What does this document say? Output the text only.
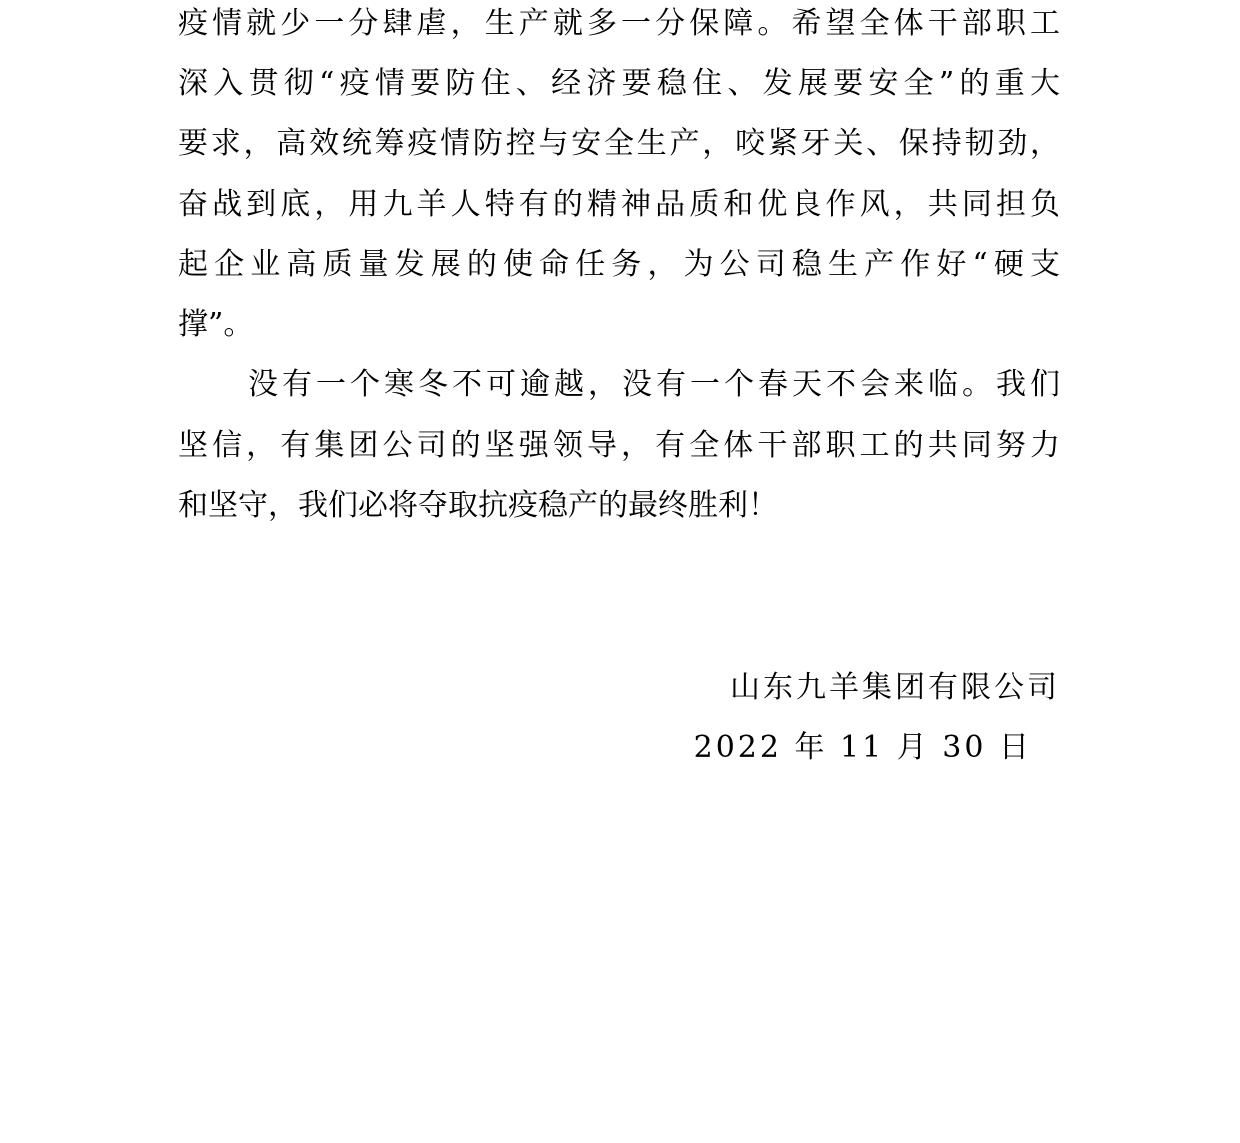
疫情就少一分肆虐，生产就多一分保障。希望全体干部职工
深入贯彻“疫情要防住、经济要稳住、发展要安全”的重大
要求，高效统筹疫情防控与安全生产，咬紧牙关、保持韧劲，
奋战到底，用九羊人特有的精神品质和优良作风，共同担负
起企业高质量发展的使命任务，为公司稳生产作好“硬支
撑”。
没有一个寒冬不可逾越，没有一个春天不会来临。我们
坚信，有集团公司的坚强领导，有全体干部职工的共同努力
和坚守，我们必将夺取抗疫稳产的最终胜利！
山东九羊集团有限公司
2022 年 11 月 30 日
